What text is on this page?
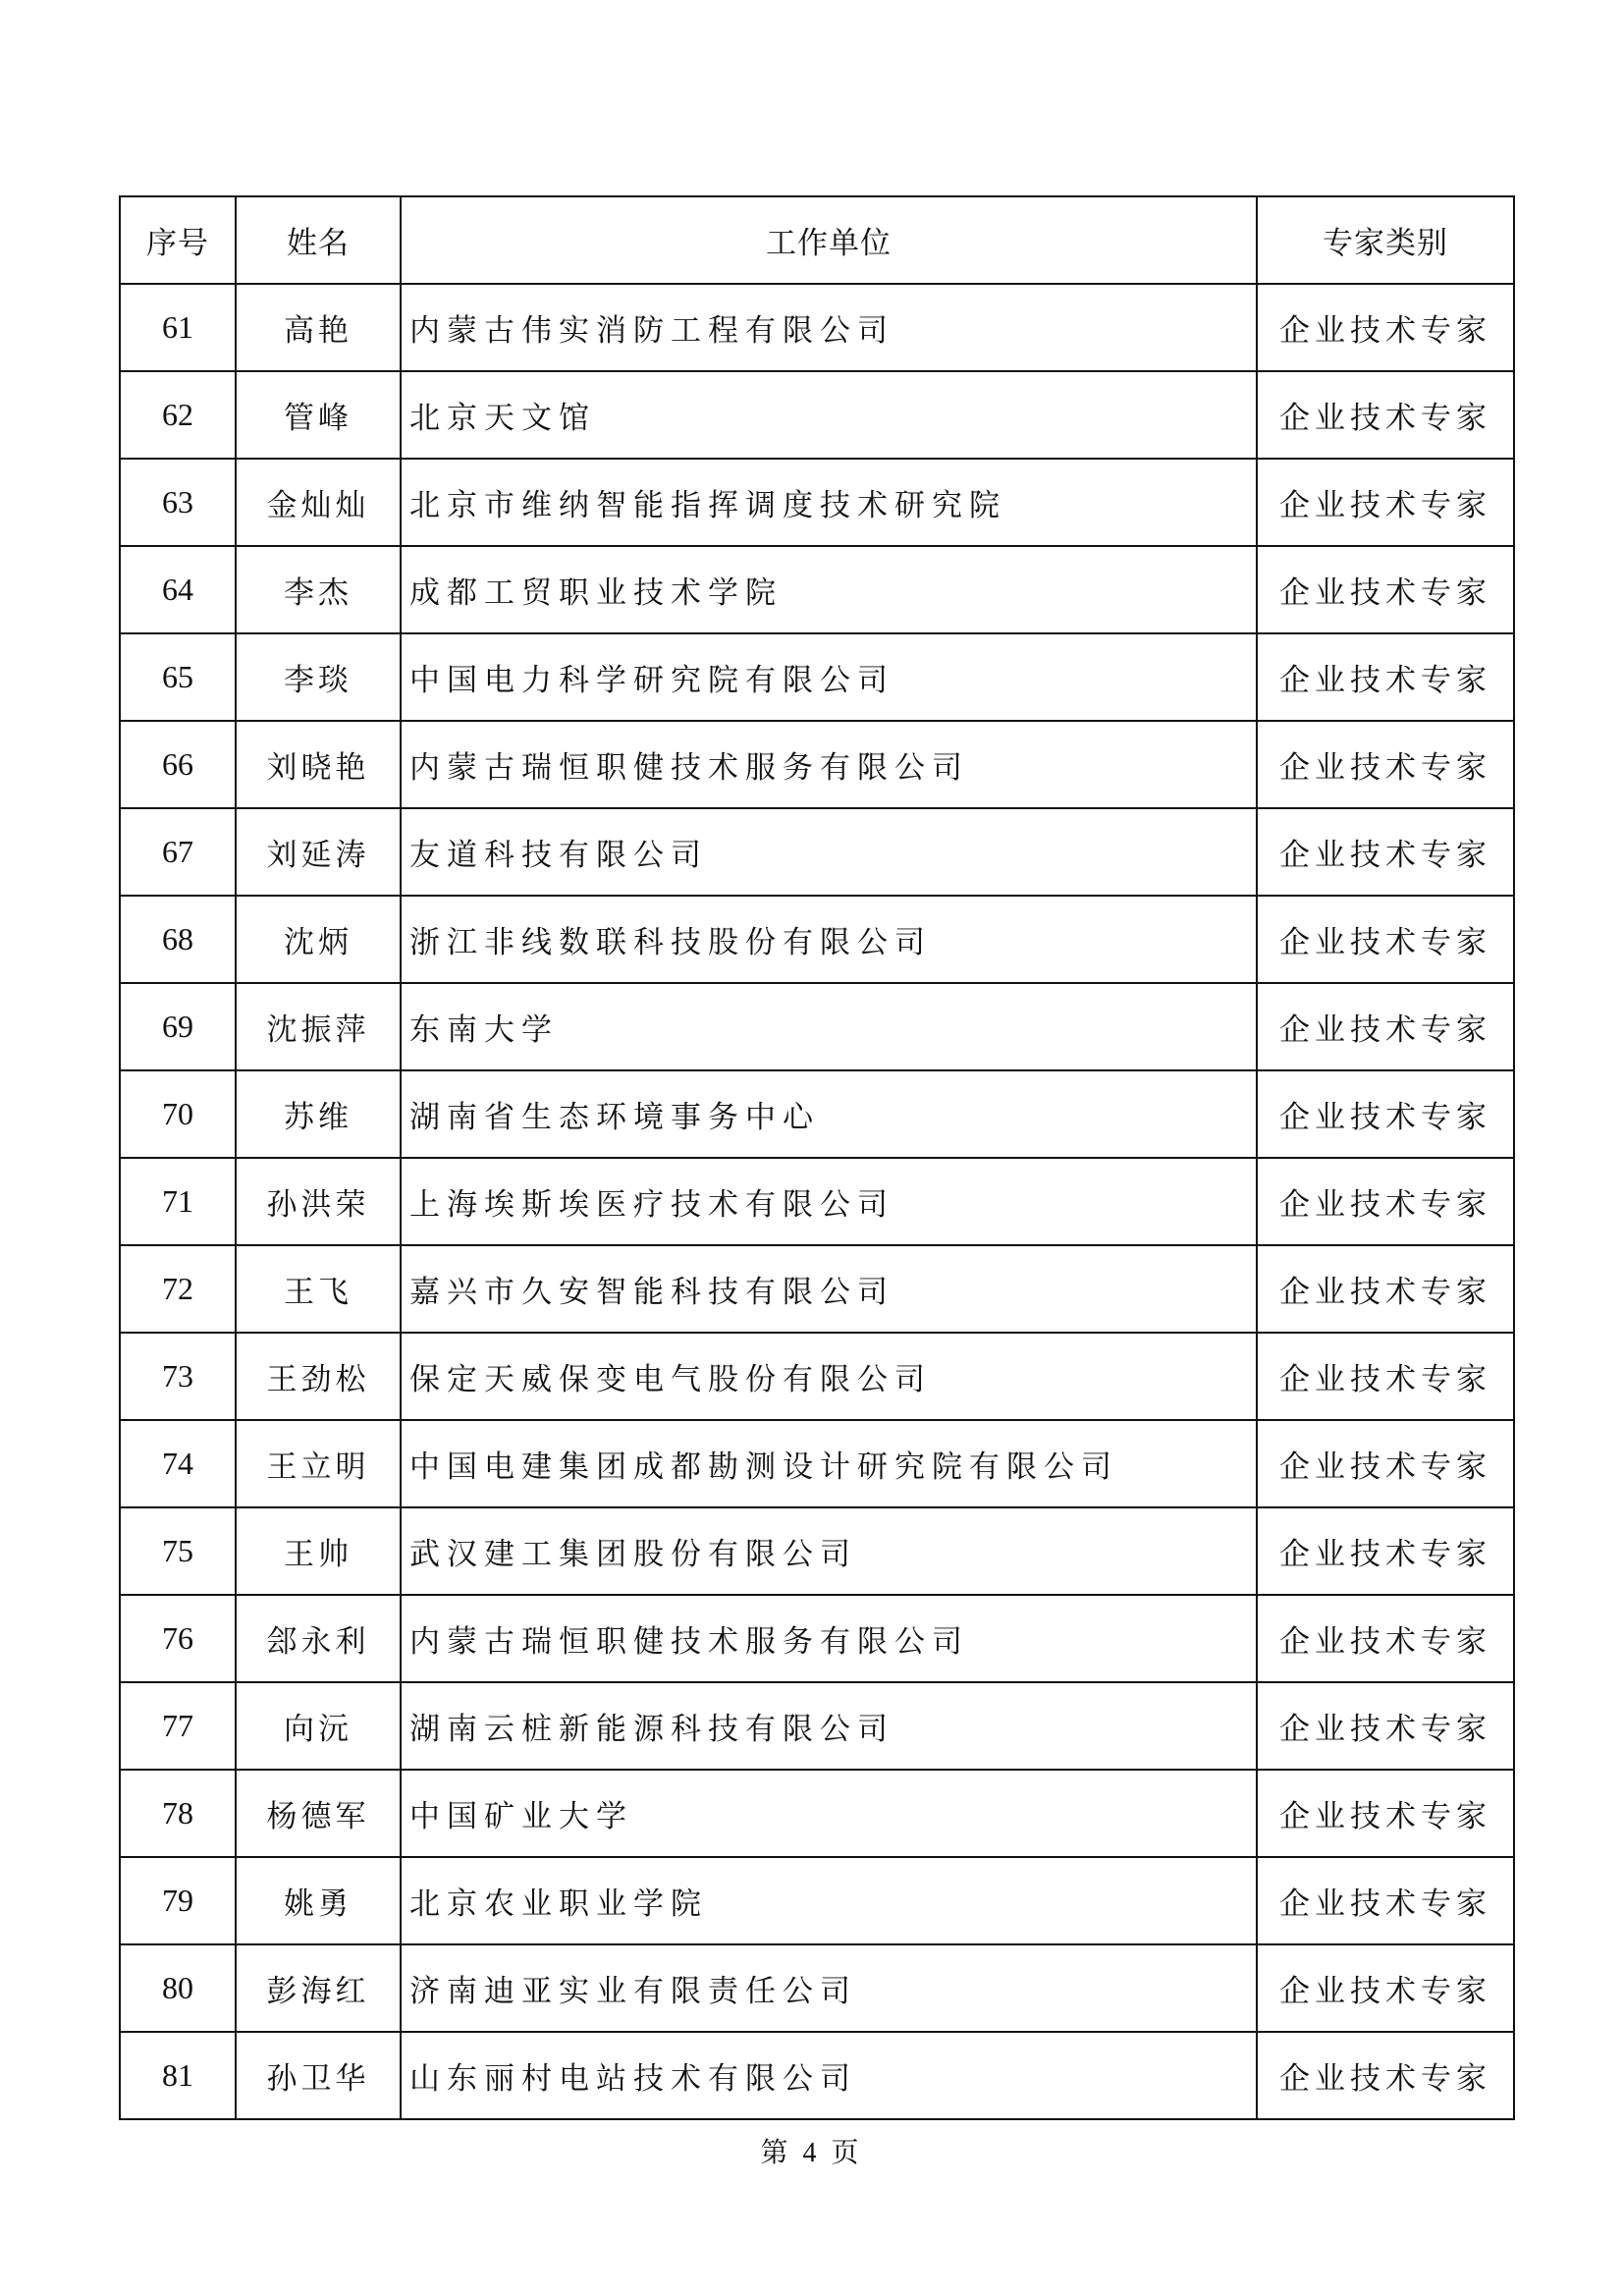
序号	姓名	工作单位	专家类别
61	高艳	内蒙古伟实消防工程有限公司	企业技术专家
62	管峰	北京天文馆	企业技术专家
63	金灿灿	北京市维纳智能指挥调度技术研究院	企业技术专家
64	李杰	成都工贸职业技术学院	企业技术专家
65	李琰	中国电力科学研究院有限公司	企业技术专家
66	刘晓艳	内蒙古瑞恒职健技术服务有限公司	企业技术专家
67	刘延涛	友道科技有限公司	企业技术专家
68	沈炳	浙江非线数联科技股份有限公司	企业技术专家
69	沈振萍	东南大学	企业技术专家
70	苏维	湖南省生态环境事务中心	企业技术专家
71	孙洪荣	上海埃斯埃医疗技术有限公司	企业技术专家
72	王飞	嘉兴市久安智能科技有限公司	企业技术专家
73	王劲松	保定天威保变电气股份有限公司	企业技术专家
74	王立明	中国电建集团成都勘测设计研究院有限公司	企业技术专家
75	王帅	武汉建工集团股份有限公司	企业技术专家
76	郐永利	内蒙古瑞恒职健技术服务有限公司	企业技术专家
77	向沅	湖南云桩新能源科技有限公司	企业技术专家
78	杨德军	中国矿业大学	企业技术专家
79	姚勇	北京农业职业学院	企业技术专家
80	彭海红	济南迪亚实业有限责任公司	企业技术专家
81	孙卫华	山东丽村电站技术有限公司	企业技术专家
第 4 页
